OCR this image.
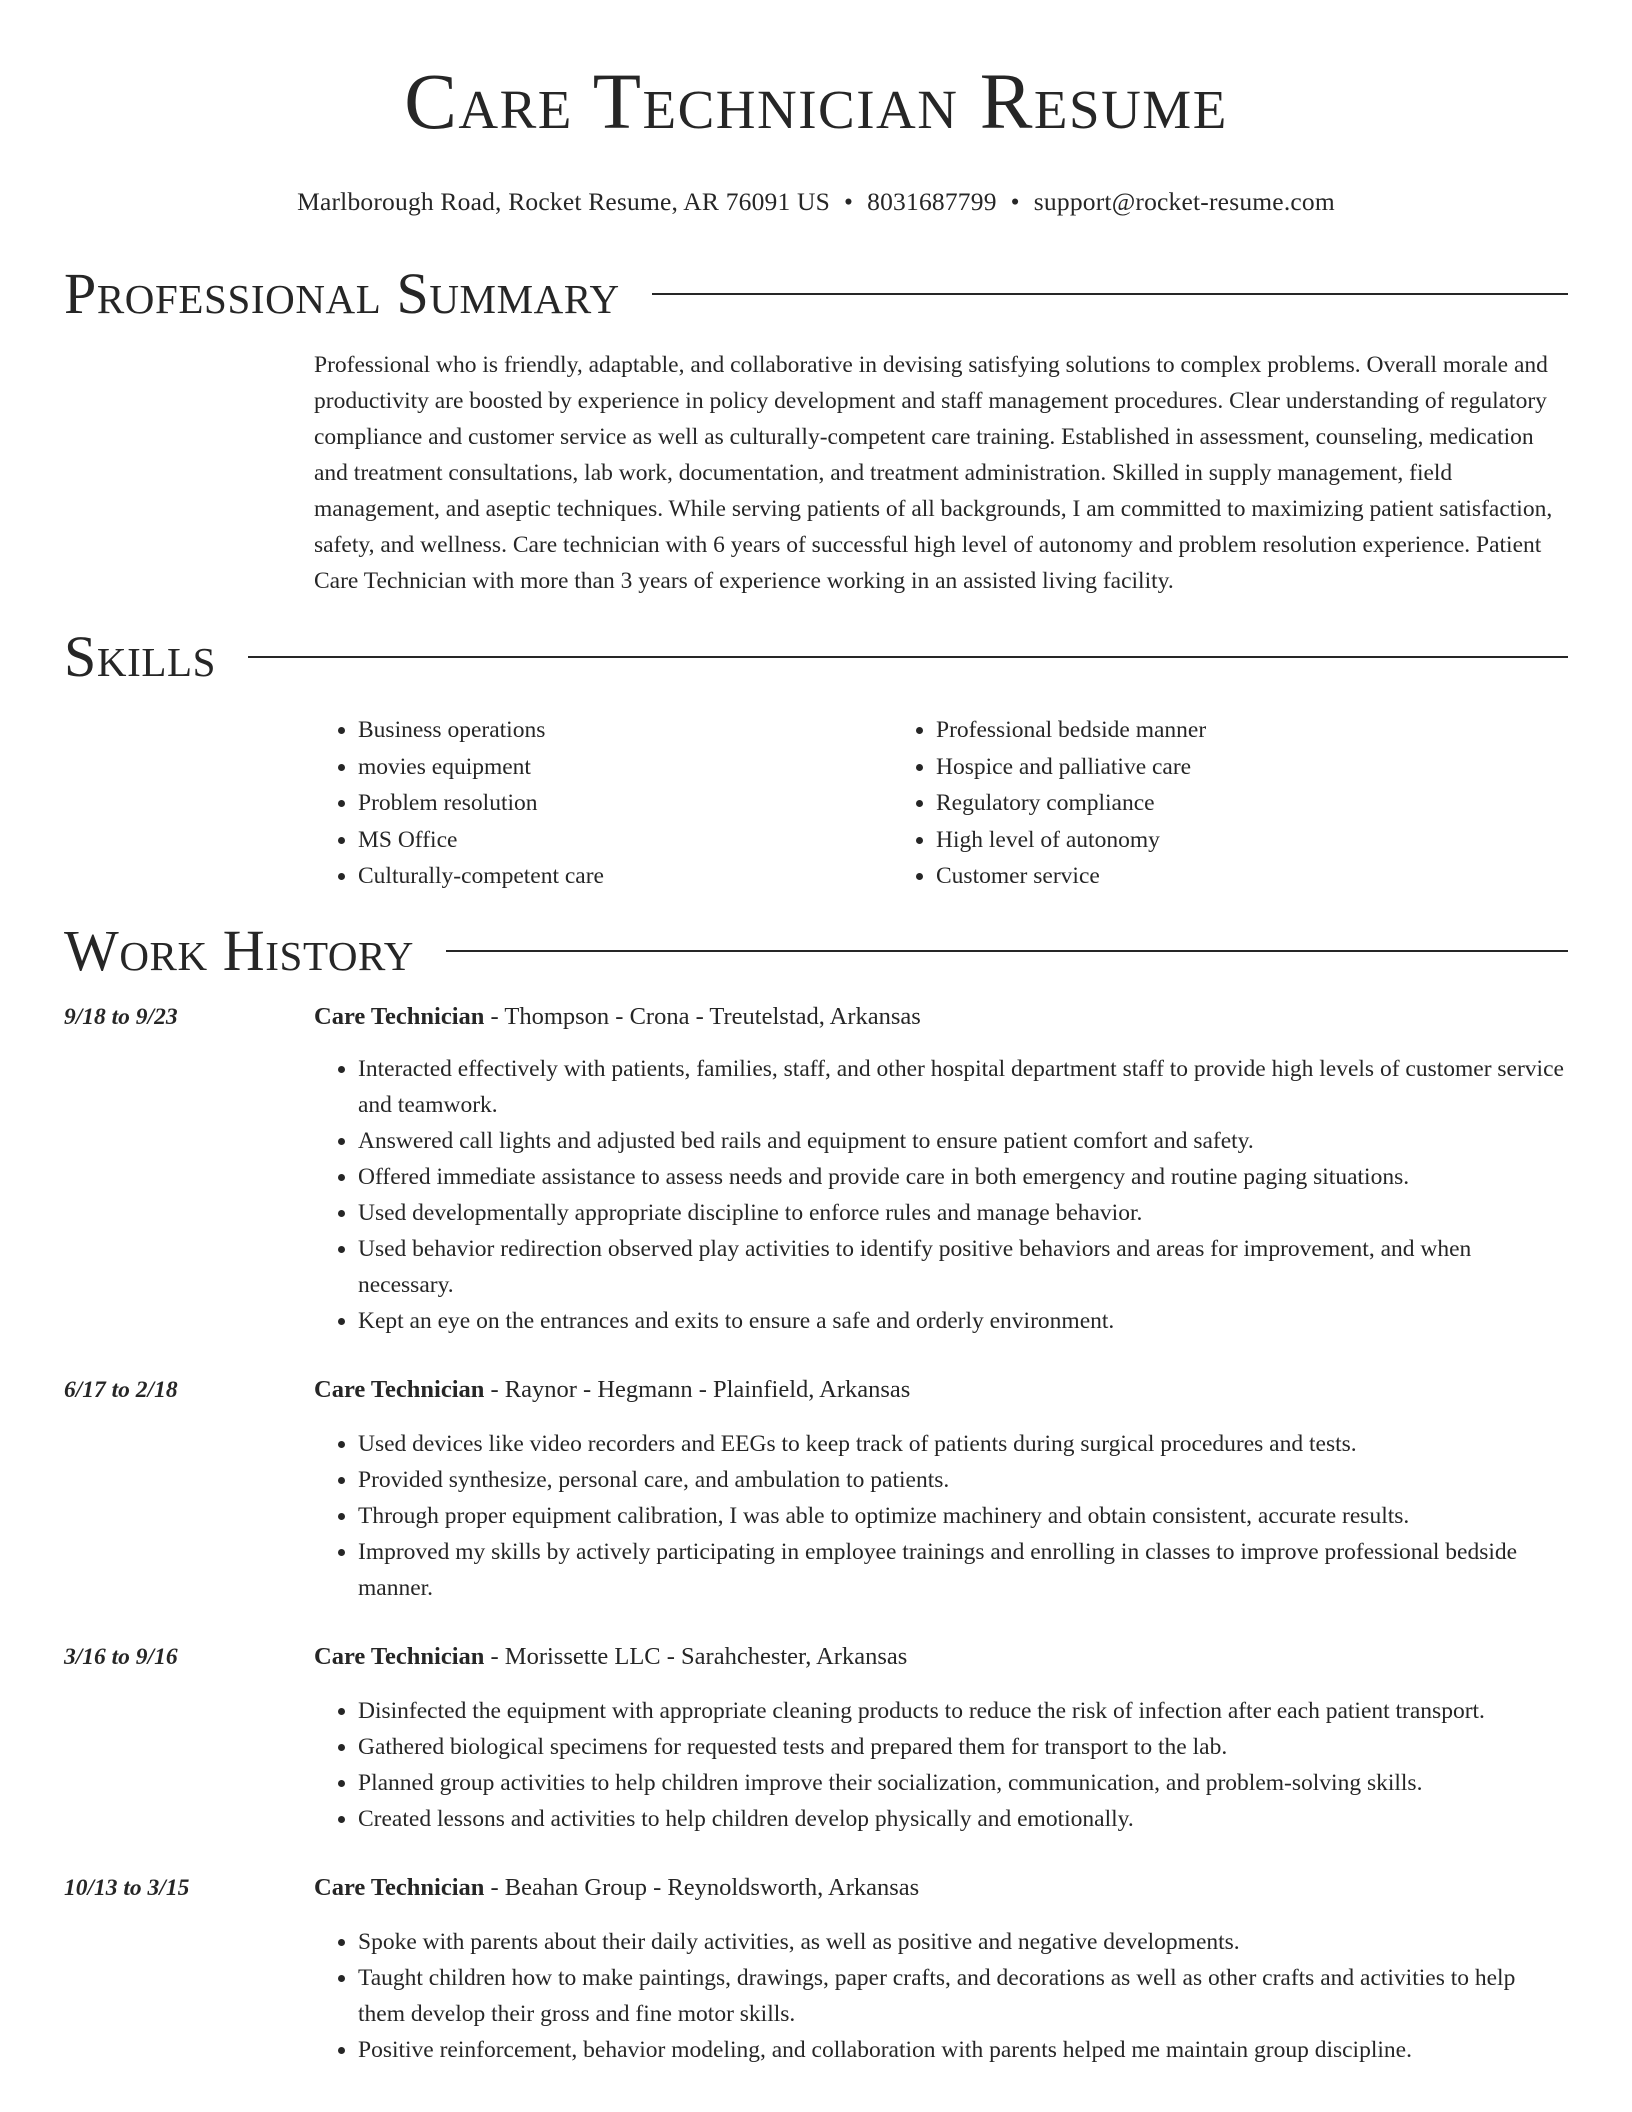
Care Technician Resume
Marlborough Road, Rocket Resume, AR 76091 US • 8031687799 • support@rocket-resume.com
Professional Summary
Professional who is friendly, adaptable, and collaborative in devising satisfying solutions to complex problems. Overall morale and productivity are boosted by experience in policy development and staff management procedures. Clear understanding of regulatory compliance and customer service as well as culturally-competent care training. Established in assessment, counseling, medication and treatment consultations, lab work, documentation, and treatment administration. Skilled in supply management, field management, and aseptic techniques. While serving patients of all backgrounds, I am committed to maximizing patient satisfaction, safety, and wellness. Care technician with 6 years of successful high level of autonomy and problem resolution experience. Patient Care Technician with more than 3 years of experience working in an assisted living facility.
Skills
• Business operations
• movies equipment
• Problem resolution
• MS Office
• Culturally-competent care
• Professional bedside manner
• Hospice and palliative care
• Regulatory compliance
• High level of autonomy
• Customer service
Work History
9/18 to 9/23	Care Technician - Thompson - Crona - Treutelstad, Arkansas
• Interacted effectively with patients, families, staff, and other hospital department staff to provide high levels of customer service and teamwork.
• Answered call lights and adjusted bed rails and equipment to ensure patient comfort and safety.
• Offered immediate assistance to assess needs and provide care in both emergency and routine paging situations.
• Used developmentally appropriate discipline to enforce rules and manage behavior.
• Used behavior redirection observed play activities to identify positive behaviors and areas for improvement, and when necessary.
• Kept an eye on the entrances and exits to ensure a safe and orderly environment.
6/17 to 2/18	Care Technician - Raynor - Hegmann - Plainfield, Arkansas
• Used devices like video recorders and EEGs to keep track of patients during surgical procedures and tests.
• Provided synthesize, personal care, and ambulation to patients.
• Through proper equipment calibration, I was able to optimize machinery and obtain consistent, accurate results.
• Improved my skills by actively participating in employee trainings and enrolling in classes to improve professional bedside manner.
3/16 to 9/16	Care Technician - Morissette LLC - Sarahchester, Arkansas
• Disinfected the equipment with appropriate cleaning products to reduce the risk of infection after each patient transport.
• Gathered biological specimens for requested tests and prepared them for transport to the lab.
• Planned group activities to help children improve their socialization, communication, and problem-solving skills.
• Created lessons and activities to help children develop physically and emotionally.
10/13 to 3/15	Care Technician - Beahan Group - Reynoldsworth, Arkansas
• Spoke with parents about their daily activities, as well as positive and negative developments.
• Taught children how to make paintings, drawings, paper crafts, and decorations as well as other crafts and activities to help them develop their gross and fine motor skills.
• Positive reinforcement, behavior modeling, and collaboration with parents helped me maintain group discipline.
